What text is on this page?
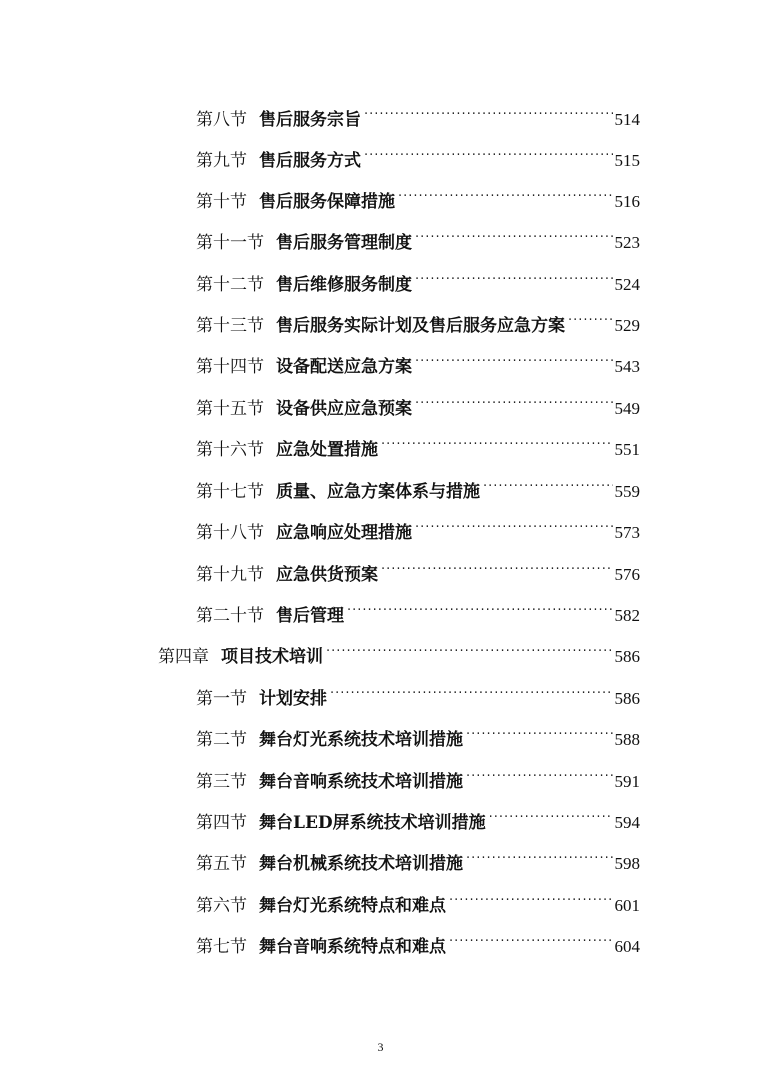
第八节 售后服务宗旨 .....	514
第九节 售后服务方式 .....	515
第十节 售后服务保障措施 .....	516
第十一节 售后服务管理制度 .....	523
第十二节 售后维修服务制度 .....	524
第十三节 售后服务实际计划及售后服务应急方案 .....	529
第十四节 设备配送应急方案 .....	543
第十五节 设备供应应急预案 .....	549
第十六节 应急处置措施 .....	551
第十七节 质量、应急方案体系与措施 .....	559
第十八节 应急响应处理措施 .....	573
第十九节 应急供货预案 .....	576
第二十节 售后管理 .....	582
第四章 项目技术培训 .....	586
第一节 计划安排 .....	586
第二节 舞台灯光系统技术培训措施 .....	588
第三节 舞台音响系统技术培训措施 .....	591
第四节 舞台LED屏系统技术培训措施 .....	594
第五节 舞台机械系统技术培训措施 .....	598
第六节 舞台灯光系统特点和难点 .....	601
第七节 舞台音响系统特点和难点 .....	604
3
